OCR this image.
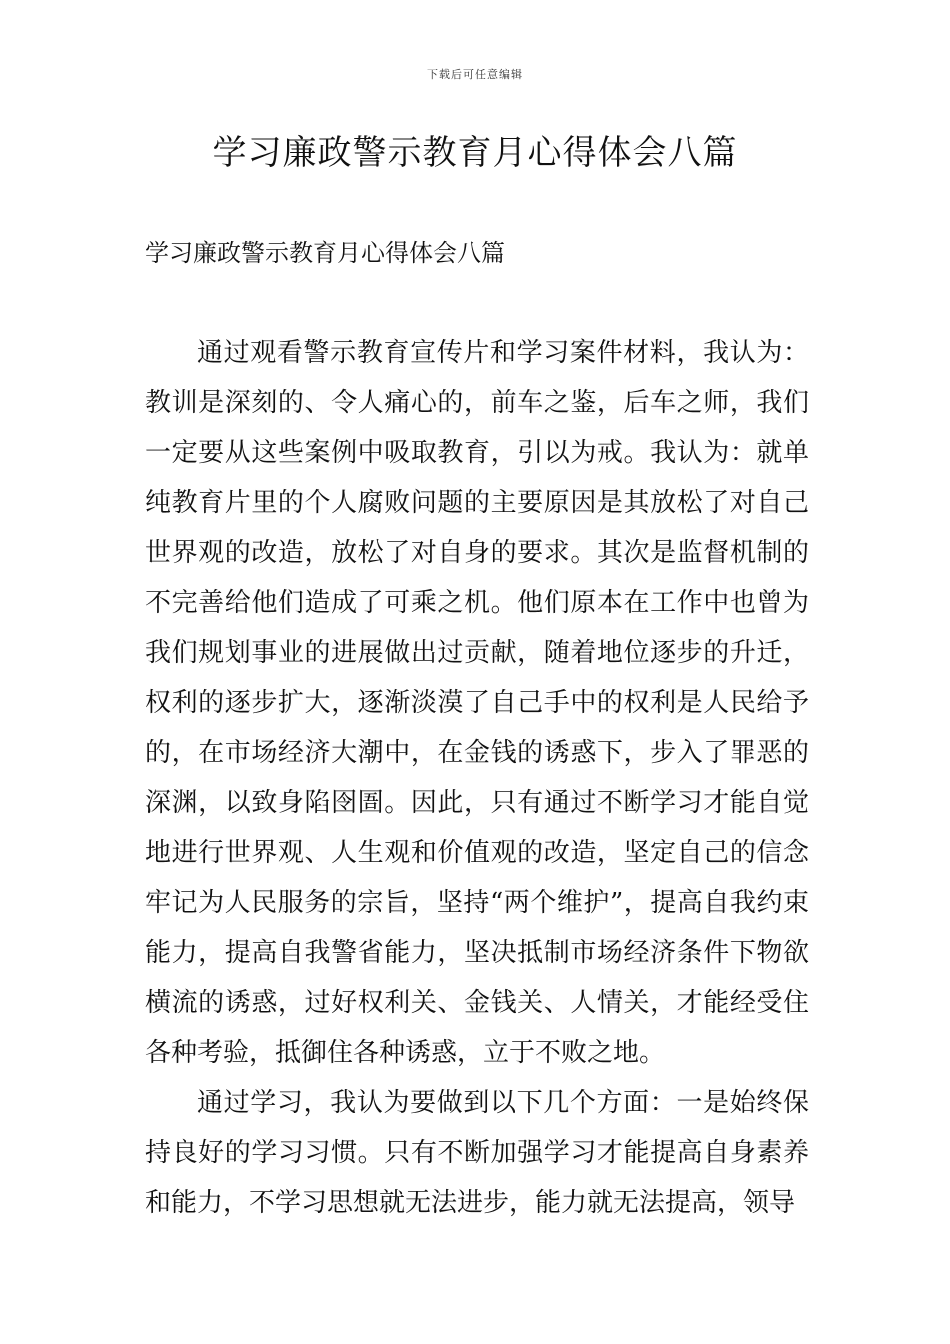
下载后可任意编辑
学习廉政警示教育月心得体会八篇

学习廉政警示教育月心得体会八篇

通过观看警示教育宣传片和学习案件材料，我认为：教训是深刻的、令人痛心的，前车之鉴，后车之师，我们一定要从这些案例中吸取教育，引以为戒。我认为：就单纯教育片里的个人腐败问题的主要原因是其放松了对自己世界观的改造，放松了对自身的要求。其次是监督机制的不完善给他们造成了可乘之机。他们原本在工作中也曾为我们规划事业的进展做出过贡献，随着地位逐步的升迁，权利的逐步扩大，逐渐淡漠了自己手中的权利是人民给予的，在市场经济大潮中，在金钱的诱惑下，步入了罪恶的深渊，以致身陷囹圄。因此，只有通过不断学习才能自觉地进行世界观、人生观和价值观的改造，坚定自己的信念牢记为人民服务的宗旨，坚持“两个维护”，提高自我约束能力，提高自我警省能力，坚决抵制市场经济条件下物欲横流的诱惑，过好权利关、金钱关、人情关，才能经受住各种考验，抵御住各种诱惑，立于不败之地。

通过学习，我认为要做到以下几个方面：一是始终保持良好的学习习惯。只有不断加强学习才能提高自身素养和能力，不学习思想就无法进步，能力就无法提高，领导
